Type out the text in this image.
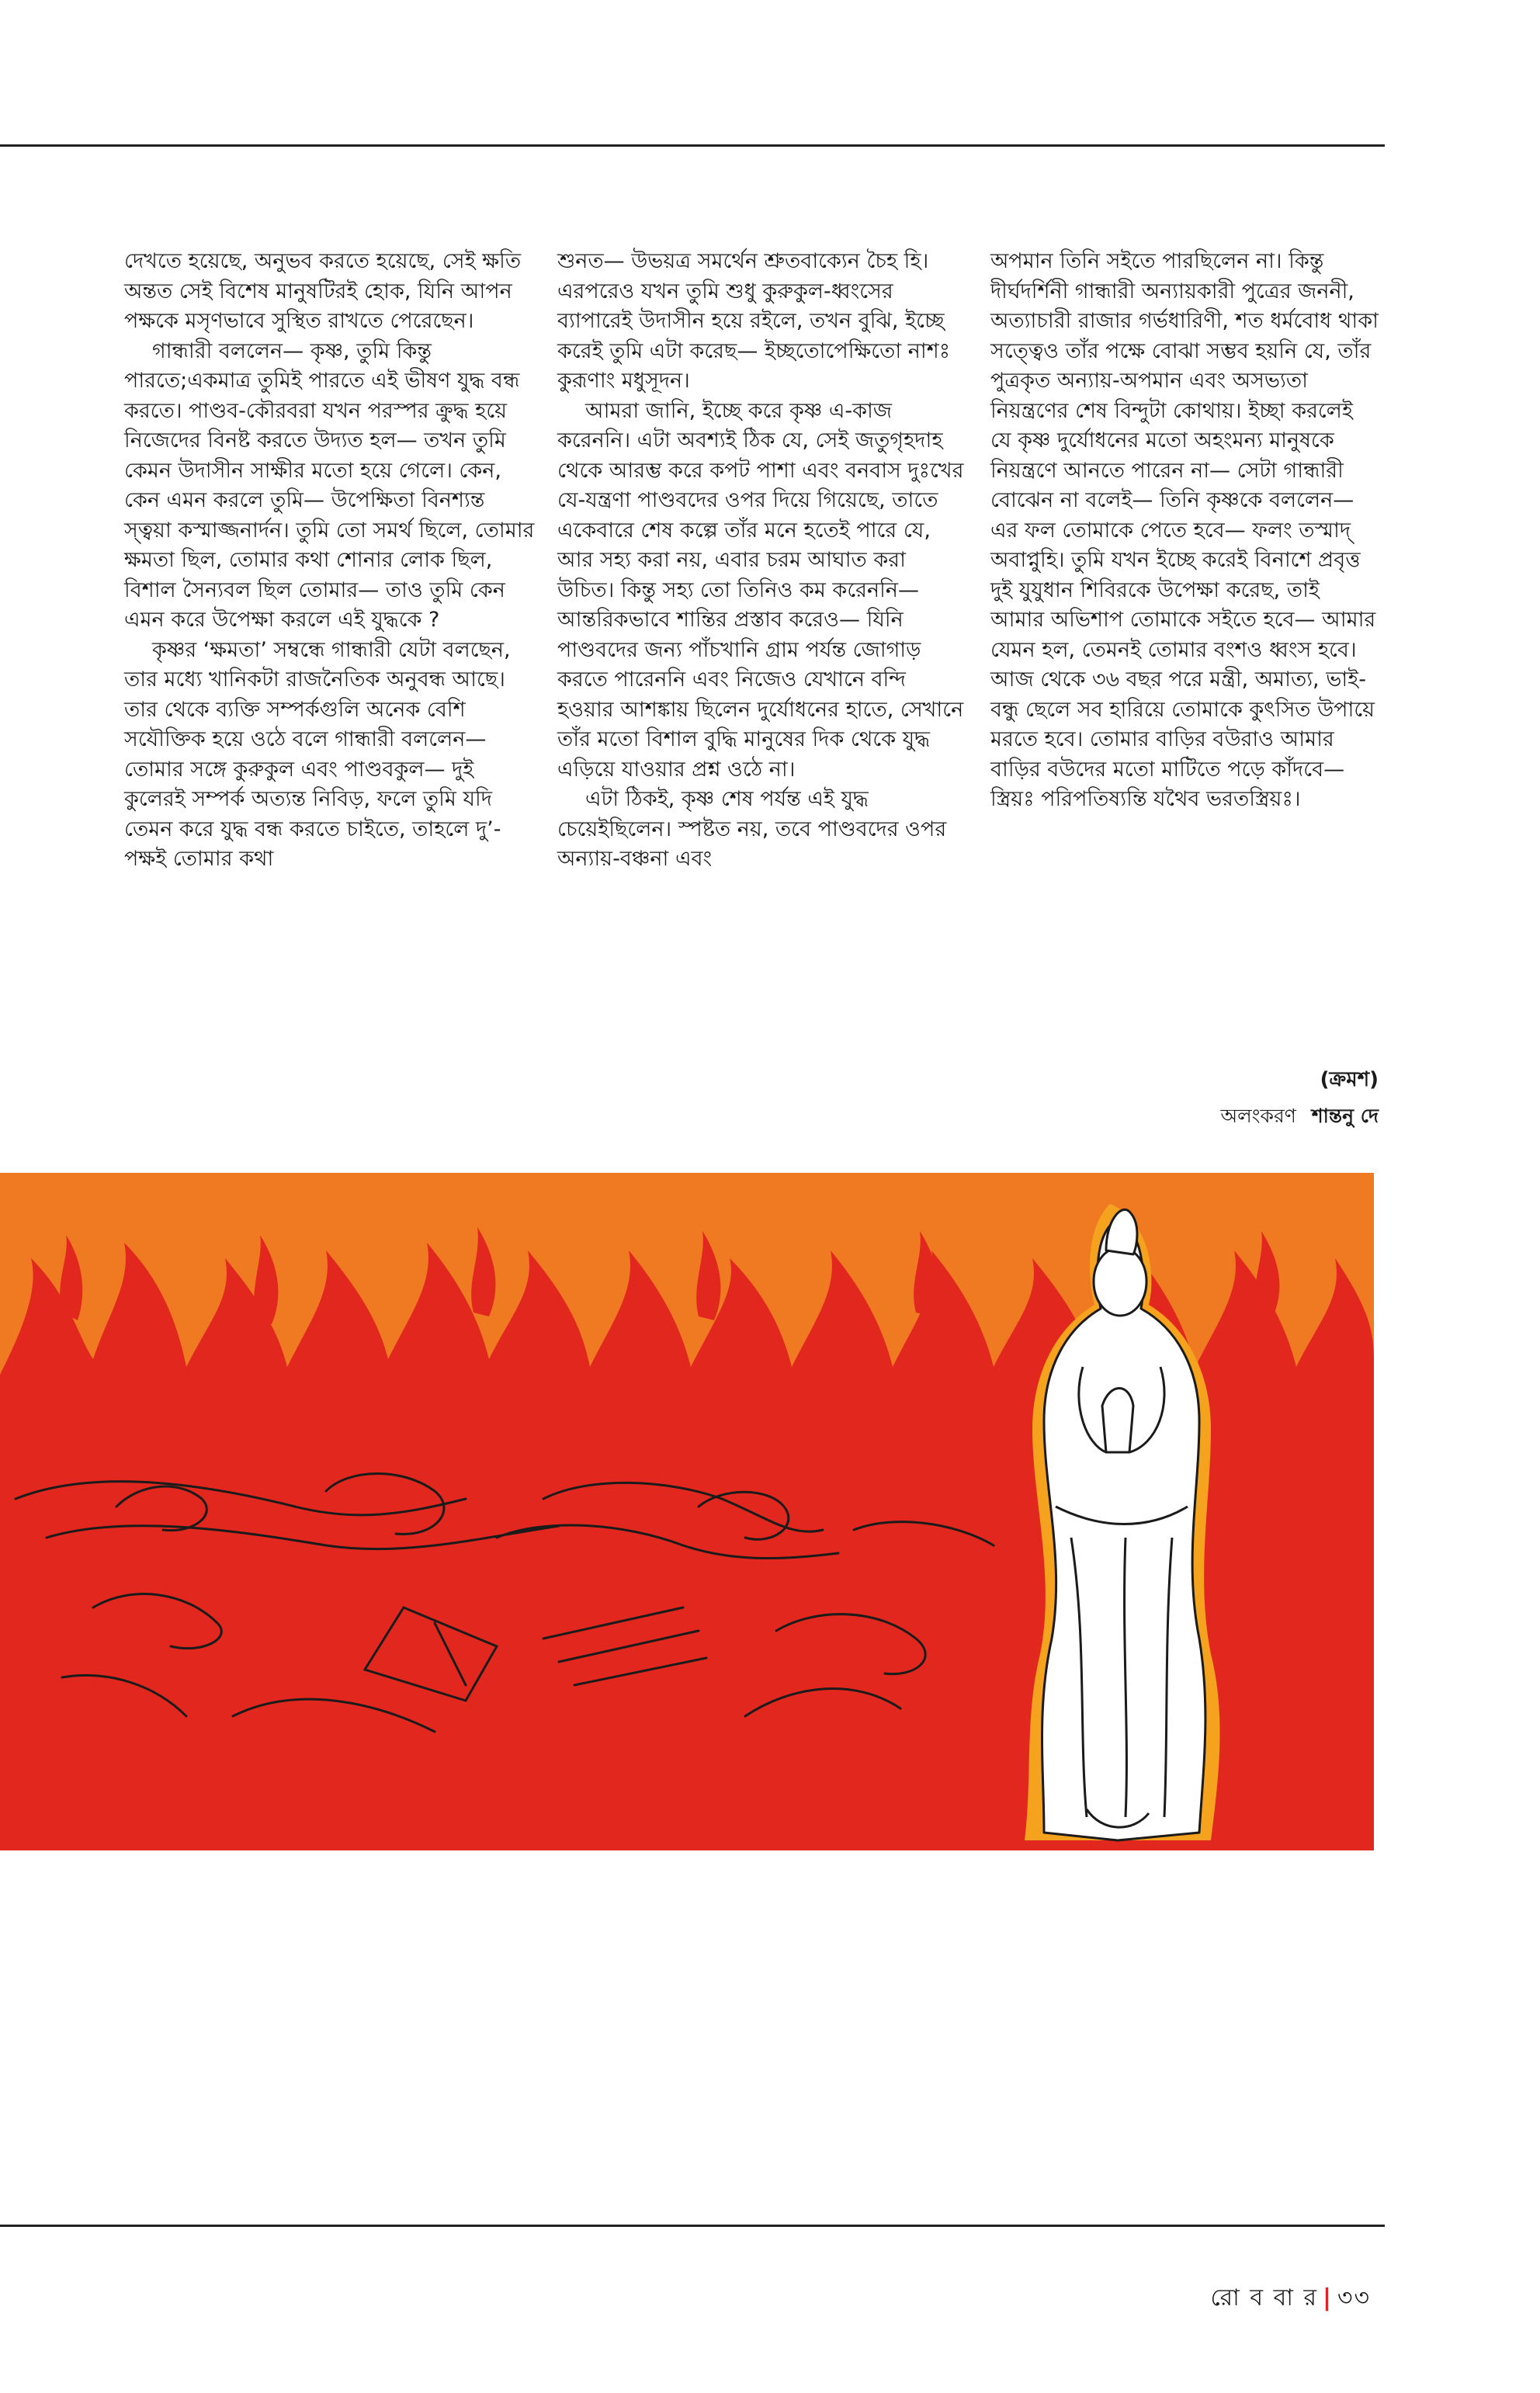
দেখতে হয়েছে, অনুভব করতে হয়েছে, সেই ক্ষতি অন্তত সেই বিশেষ মানুষটিরই হোক, যিনি আপন পক্ষকে মসৃণভাবে সুস্থিত রাখতে পেরেছেন।

গান্ধারী বললেন— কৃষ্ণ, তুমি কিন্তু পারতে;একমাত্র তুমিই পারতে এই ভীষণ যুদ্ধ বন্ধ করতে। পাণ্ডব-কৌরবরা যখন পরস্পর ক্রুদ্ধ হয়ে নিজেদের বিনষ্ট করতে উদ্যত হল— তখন তুমি কেমন উদাসীন সাক্ষীর মতো হয়ে গেলে। কেন, কেন এমন করলে তুমি— উপেক্ষিতা বিনশ্যন্ত স্ত্বয়া কস্মাজ্জনার্দন। তুমি তো সমর্থ ছিলে, তোমার ক্ষমতা ছিল, তোমার কথা শোনার লোক ছিল, বিশাল সৈন্যবল ছিল তোমার— তাও তুমি কেন এমন করে উপেক্ষা করলে এই যুদ্ধকে ?

কৃষ্ণর ‘ক্ষমতা’ সম্বন্ধে গান্ধারী যেটা বলছেন, তার মধ্যে খানিকটা রাজনৈতিক অনুবন্ধ আছে। তার থেকে ব্যক্তি সম্পর্কগুলি অনেক বেশি সযৌক্তিক হয়ে ওঠে বলে গান্ধারী বললেন— তোমার সঙ্গে কুরুকুল এবং পাণ্ডবকুল— দুই কুলেরই সম্পর্ক অত্যন্ত নিবিড়, ফলে তুমি যদি তেমন করে যুদ্ধ বন্ধ করতে চাইতে, তাহলে দু’-পক্ষই তোমার কথা

শুনত— উভয়ত্র সমর্থেন শ্রুতবাক্যেন চৈহ হি। এরপরেও যখন তুমি শুধু কুরুকুল-ধ্বংসের ব্যাপারেই উদাসীন হয়ে রইলে, তখন বুঝি, ইচ্ছে করেই তুমি এটা করেছ— ইচ্ছতোপেক্ষিতো নাশঃ কুরূণাং মধুসূদন।

আমরা জানি, ইচ্ছে করে কৃষ্ণ এ-কাজ করেননি। এটা অবশ্যই ঠিক যে, সেই জতুগৃহদাহ থেকে আরম্ভ করে কপট পাশা এবং বনবাস দুঃখের যে-যন্ত্রণা পাণ্ডবদের ওপর দিয়ে গিয়েছে, তাতে একেবারে শেষ কল্পে তাঁর মনে হতেই পারে যে, আর সহ্য করা নয়, এবার চরম আঘাত করা উচিত। কিন্তু সহ্য তো তিনিও কম করেননি— আন্তরিকভাবে শান্তির প্রস্তাব করেও— যিনি পাণ্ডবদের জন্য পাঁচখানি গ্রাম পর্যন্ত জোগাড় করতে পারেননি এবং নিজেও যেখানে বন্দি হওয়ার আশঙ্কায় ছিলেন দুর্যোধনের হাতে, সেখানে তাঁর মতো বিশাল বুদ্ধি মানুষের দিক থেকে যুদ্ধ এড়িয়ে যাওয়ার প্রশ্ন ওঠে না।

এটা ঠিকই, কৃষ্ণ শেষ পর্যন্ত এই যুদ্ধ চেয়েইছিলেন। স্পষ্টত নয়, তবে পাণ্ডবদের ওপর অন্যায়-বঞ্চনা এবং

অপমান তিনি সইতে পারছিলেন না। কিন্তু দীর্ঘদর্শিনী গান্ধারী অন্যায়কারী পুত্রের জননী, অত্যাচারী রাজার গর্ভধারিণী, শত ধর্মবোধ থাকা সত্ত্বেও তাঁর পক্ষে বোঝা সম্ভব হয়নি যে, তাঁর পুত্রকৃত অন্যায়-অপমান এবং অসভ্যতা নিয়ন্ত্রণের শেষ বিন্দুটা কোথায়। ইচ্ছা করলেই যে কৃষ্ণ দুর্যোধনের মতো অহংমন্য মানুষকে নিয়ন্ত্রণে আনতে পারেন না— সেটা গান্ধারী বোঝেন না বলেই— তিনি কৃষ্ণকে বললেন— এর ফল তোমাকে পেতে হবে— ফলং তস্মাদ্‌ অবাপ্নুহি। তুমি যখন ইচ্ছে করেই বিনাশে প্রবৃত্ত দুই যুযুধান শিবিরকে উপেক্ষা করেছ, তাই আমার অভিশাপ তোমাকে সইতে হবে— আমার যেমন হল, তেমনই তোমার বংশও ধ্বংস হবে। আজ থেকে ৩৬ বছর পরে মন্ত্রী, অমাত্য, ভাই-বন্ধু ছেলে সব হারিয়ে তোমাকে কুৎসিত উপায়ে মরতে হবে। তোমার বাড়ির বউরাও আমার বাড়ির বউদের মতো মাটিতে পড়ে কাঁদবে— স্ত্রিয়ঃ পরিপতিষ্যন্তি যথৈব ভরতস্ত্রিয়ঃ।

(ক্রমশ)
অলংকরণ শান্তনু দে
রো ব বা র | ৩৩
